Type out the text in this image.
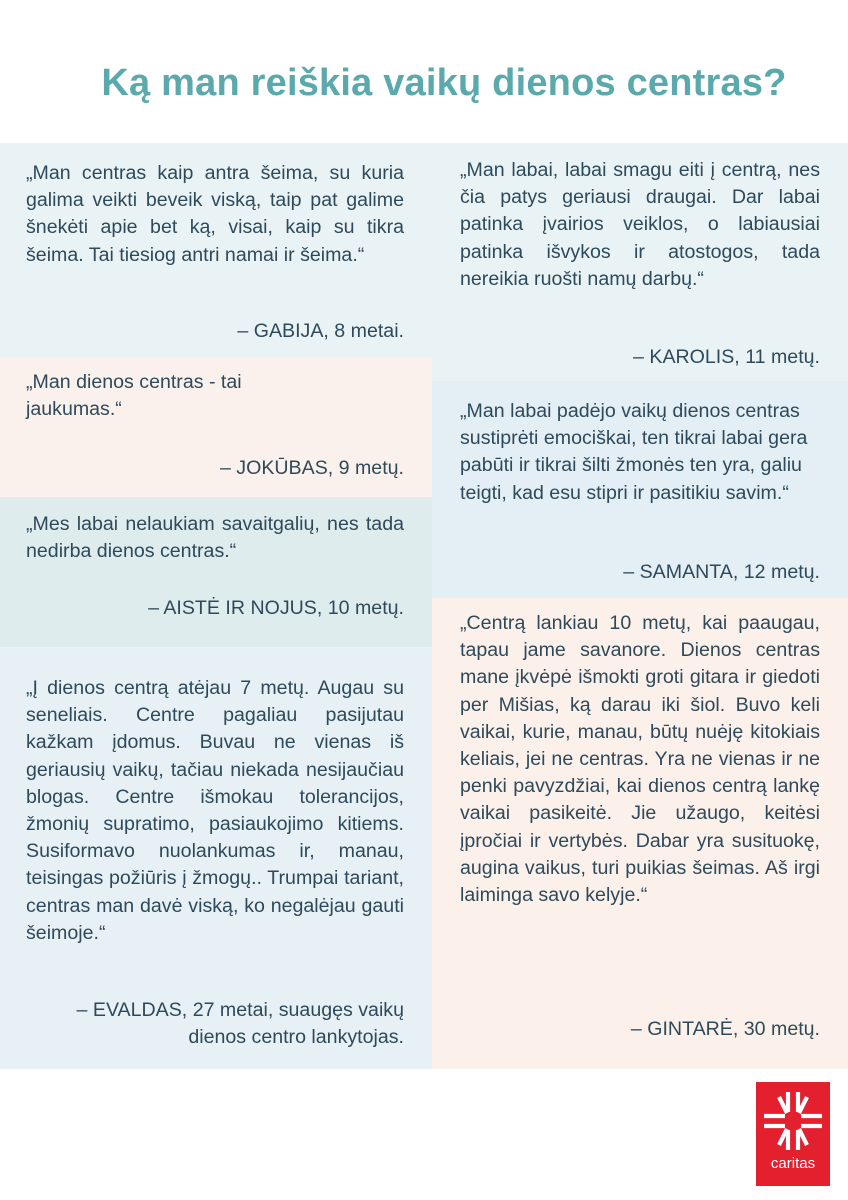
Ką man reiškia vaikų dienos centras?

„Man centras kaip antra šeima, su kuria galima veikti beveik viską, taip pat galime šnekėti apie bet ką, visai, kaip su tikra šeima. Tai tiesiog antri namai ir šeima.“

– GABIJA, 8 metai.

„Man dienos centras - tai jaukumas.“

– JOKŪBAS, 9 metų.

„Mes labai nelaukiam savaitgalių, nes tada nedirba dienos centras.“

– AISTĖ IR NOJUS, 10 metų.

„Į dienos centrą atėjau 7 metų. Augau su seneliais. Centre pagaliau pasijutau kažkam įdomus. Buvau ne vienas iš geriausių vaikų, tačiau niekada nesijaučiau blogas. Centre išmokau tolerancijos, žmonių supratimo, pasiaukojimo kitiems. Susiformavo nuolankumas ir, manau, teisingas požiūris į žmogų.. Trumpai tariant, centras man davė viską, ko negalėjau gauti šeimoje.“

– EVALDAS, 27 metai, suaugęs vaikų dienos centro lankytojas.

„Man labai, labai smagu eiti į centrą, nes čia patys geriausi draugai. Dar labai patinka įvairios veiklos, o labiausiai patinka išvykos ir atostogos, tada nereikia ruošti namų darbų.“

– KAROLIS, 11 metų.

„Man labai padėjo vaikų dienos centras sustiprėti emociškai, ten tikrai labai gera pabūti ir tikrai šilti žmonės ten yra, galiu teigti, kad esu stipri ir pasitikiu savim.“

– SAMANTA, 12 metų.

„Centrą lankiau 10 metų, kai paaugau, tapau jame savanore. Dienos centras mane įkvėpė išmokti groti gitara ir giedoti per Mišias, ką darau iki šiol. Buvo keli vaikai, kurie, manau, būtų nuėję kitokiais keliais, jei ne centras. Yra ne vienas ir ne penki pavyzdžiai, kai dienos centrą lankę vaikai pasikeitė. Jie užaugo, keitėsi įpročiai ir vertybės. Dabar yra susituokę, augina vaikus, turi puikias šeimas. Aš irgi laiminga savo kelyje.“

– GINTARĖ, 30 metų.

caritas
